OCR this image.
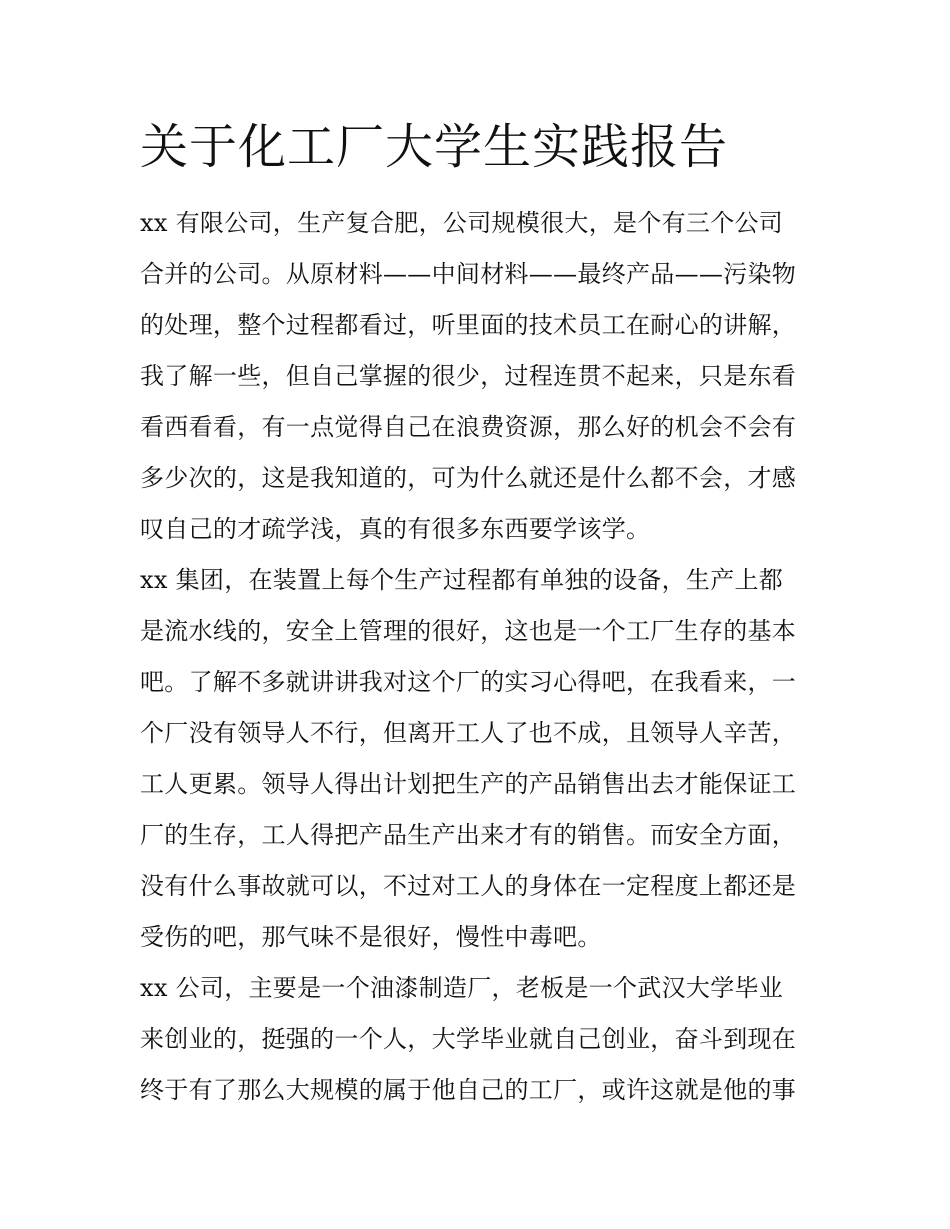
关于化工厂大学生实践报告
xx 有限公司，生产复合肥，公司规模很大，是个有三个公司
合并的公司。从原材料——中间材料——最终产品——污染物
的处理，整个过程都看过，听里面的技术员工在耐心的讲解，
我了解一些，但自己掌握的很少，过程连贯不起来，只是东看
看西看看，有一点觉得自己在浪费资源，那么好的机会不会有
多少次的，这是我知道的，可为什么就还是什么都不会，才感
叹自己的才疏学浅，真的有很多东西要学该学。
xx 集团，在装置上每个生产过程都有单独的设备，生产上都
是流水线的，安全上管理的很好，这也是一个工厂生存的基本
吧。了解不多就讲讲我对这个厂的实习心得吧，在我看来，一
个厂没有领导人不行，但离开工人了也不成，且领导人辛苦，
工人更累。领导人得出计划把生产的产品销售出去才能保证工
厂的生存，工人得把产品生产出来才有的销售。而安全方面，
没有什么事故就可以，不过对工人的身体在一定程度上都还是
受伤的吧，那气味不是很好，慢性中毒吧。
xx 公司，主要是一个油漆制造厂，老板是一个武汉大学毕业
来创业的，挺强的一个人，大学毕业就自己创业，奋斗到现在
终于有了那么大规模的属于他自己的工厂，或许这就是他的事
